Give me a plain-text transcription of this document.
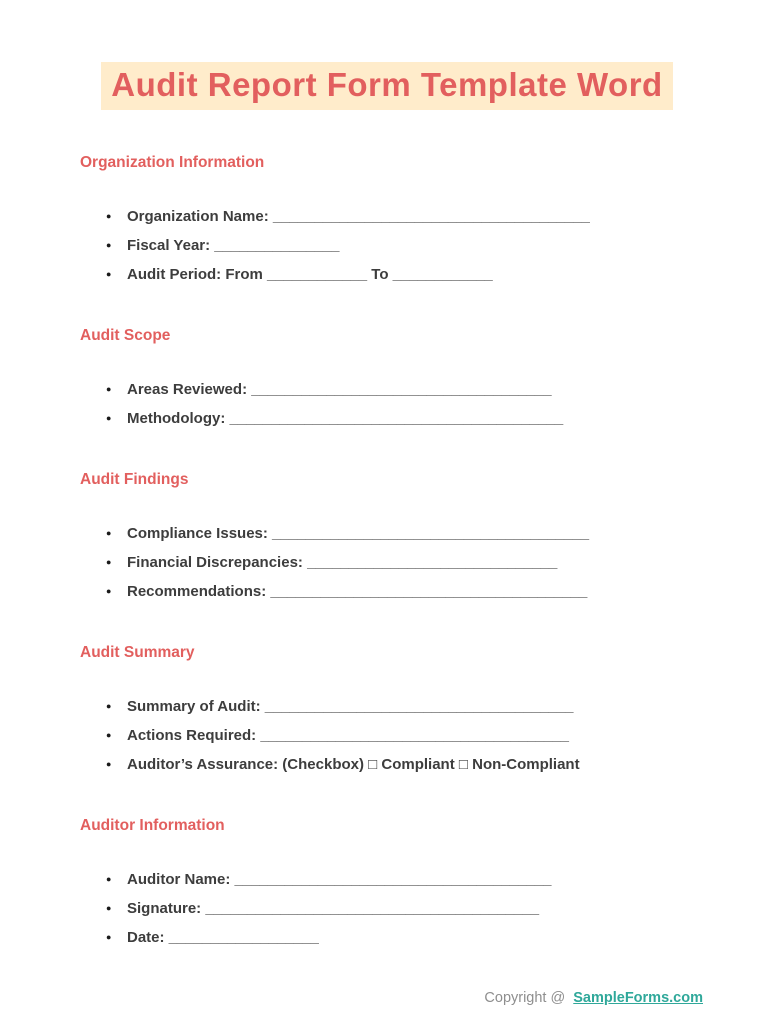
Audit Report Form Template Word
Organization Information
● Organization Name: ______________________________________
● Fiscal Year: _______________
● Audit Period: From ____________ To ____________
Audit Scope
● Areas Reviewed: ____________________________________
● Methodology: ________________________________________
Audit Findings
● Compliance Issues: ______________________________________
● Financial Discrepancies: ______________________________
● Recommendations: ______________________________________
Audit Summary
● Summary of Audit: _____________________________________
● Actions Required: _____________________________________
● Auditor’s Assurance: (Checkbox) □ Compliant □ Non-Compliant
Auditor Information
● Auditor Name: ______________________________________
● Signature: ________________________________________
● Date: __________________
Copyright @ SampleForms.com
